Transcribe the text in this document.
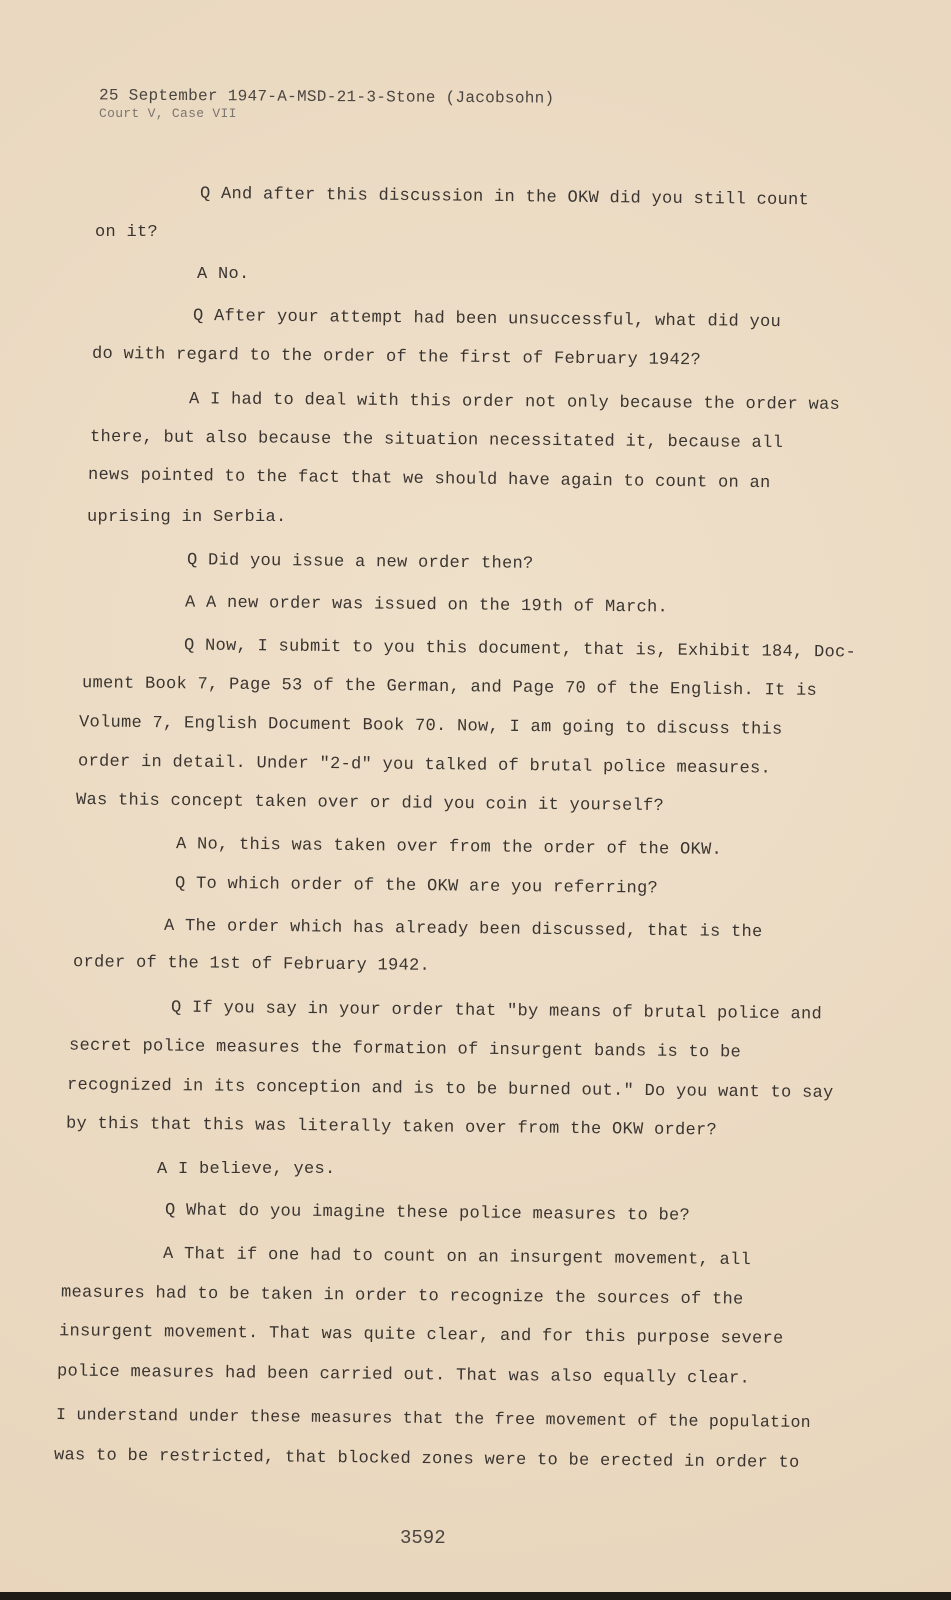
25 September 1947-A-MSD-21-3-Stone (Jacobsohn)
Court V, Case VII
Q And after this discussion in the OKW did you still count
on it?
A No.
Q After your attempt had been unsuccessful, what did you
do with regard to the order of the first of February 1942?
A I had to deal with this order not only because the order was
there, but also because the situation necessitated it, because all
news pointed to the fact that we should have again to count on an
uprising in Serbia.
Q Did you issue a new order then?
A A new order was issued on the 19th of March.
Q Now, I submit to you this document, that is, Exhibit 184, Doc-
ument Book 7, Page 53 of the German, and Page 70 of the English. It is
Volume 7, English Document Book 70. Now, I am going to discuss this
order in detail. Under "2-d" you talked of brutal police measures.
Was this concept taken over or did you coin it yourself?
A No, this was taken over from the order of the OKW.
Q To which order of the OKW are you referring?
A The order which has already been discussed, that is the
order of the 1st of February 1942.
Q If you say in your order that "by means of brutal police and
secret police measures the formation of insurgent bands is to be
recognized in its conception and is to be burned out." Do you want to say
by this that this was literally taken over from the OKW order?
A I believe, yes.
Q What do you imagine these police measures to be?
A That if one had to count on an insurgent movement, all
measures had to be taken in order to recognize the sources of the
insurgent movement. That was quite clear, and for this purpose severe
police measures had been carried out. That was also equally clear.
I understand under these measures that the free movement of the population
was to be restricted, that blocked zones were to be erected in order to
3592
